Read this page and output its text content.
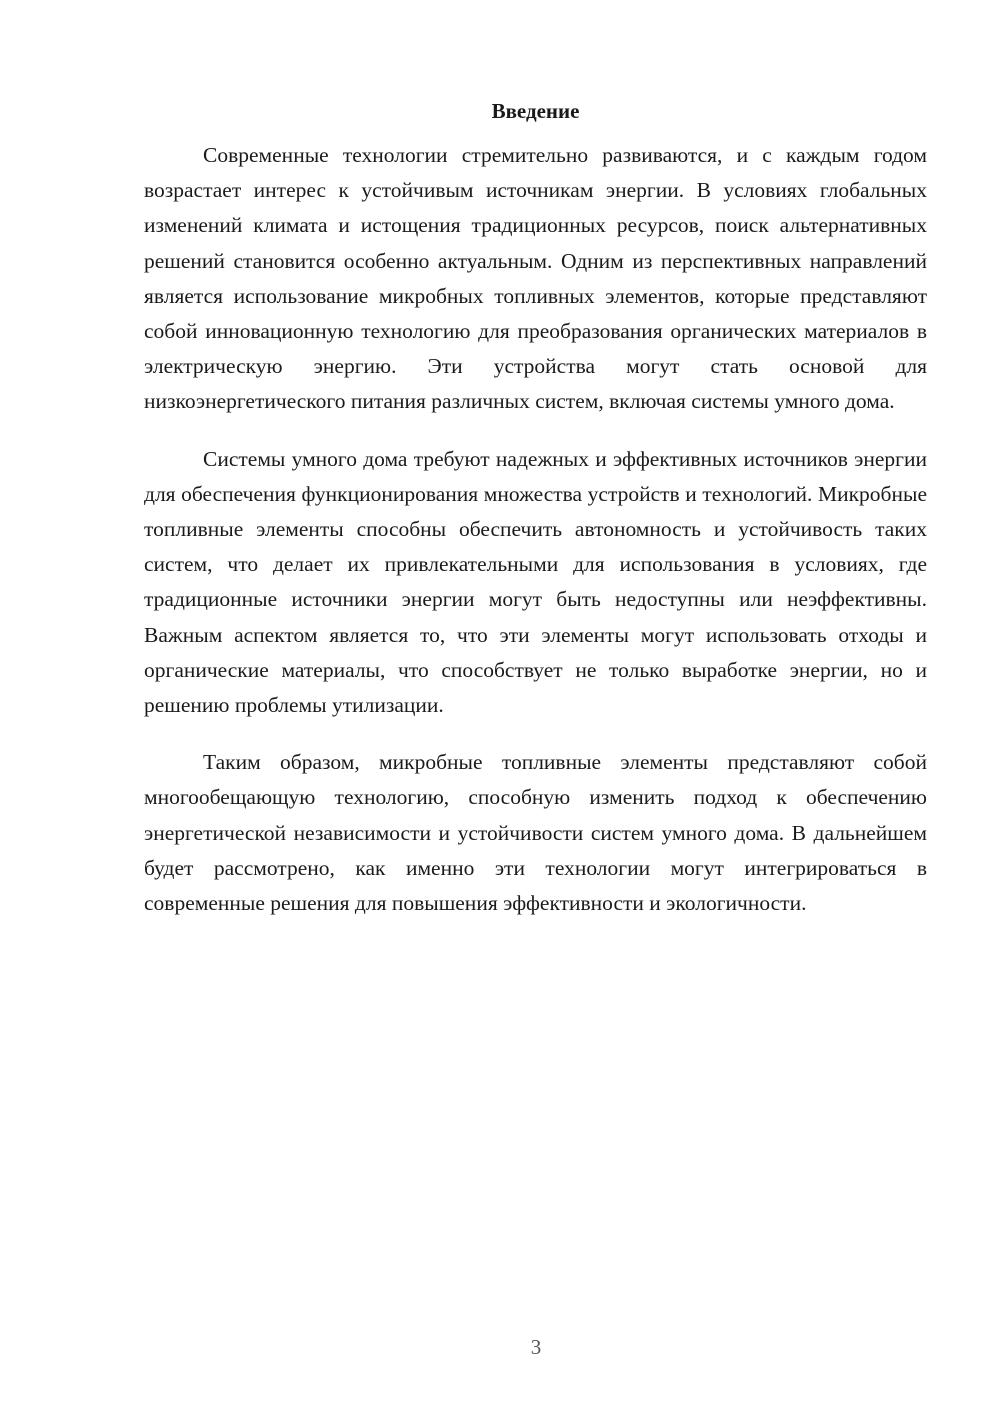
Введение

Современные технологии стремительно развиваются, и с каждым годом возрастает интерес к устойчивым источникам энергии. В условиях глобальных изменений климата и истощения традиционных ресурсов, поиск альтернативных решений становится особенно актуальным. Одним из перспективных направлений является использование микробных топливных элементов, которые представляют собой инновационную технологию для преобразования органических материалов в электрическую энергию. Эти устройства могут стать основой для низкоэнергетического питания различных систем, включая системы умного дома.

Системы умного дома требуют надежных и эффективных источников энергии для обеспечения функционирования множества устройств и технологий. Микробные топливные элементы способны обеспечить автономность и устойчивость таких систем, что делает их привлекательными для использования в условиях, где традиционные источники энергии могут быть недоступны или неэффективны. Важным аспектом является то, что эти элементы могут использовать отходы и органические материалы, что способствует не только выработке энергии, но и решению проблемы утилизации.

Таким образом, микробные топливные элементы представляют собой многообещающую технологию, способную изменить подход к обеспечению энергетической независимости и устойчивости систем умного дома. В дальнейшем будет рассмотрено, как именно эти технологии могут интегрироваться в современные решения для повышения эффективности и экологичности.

3
